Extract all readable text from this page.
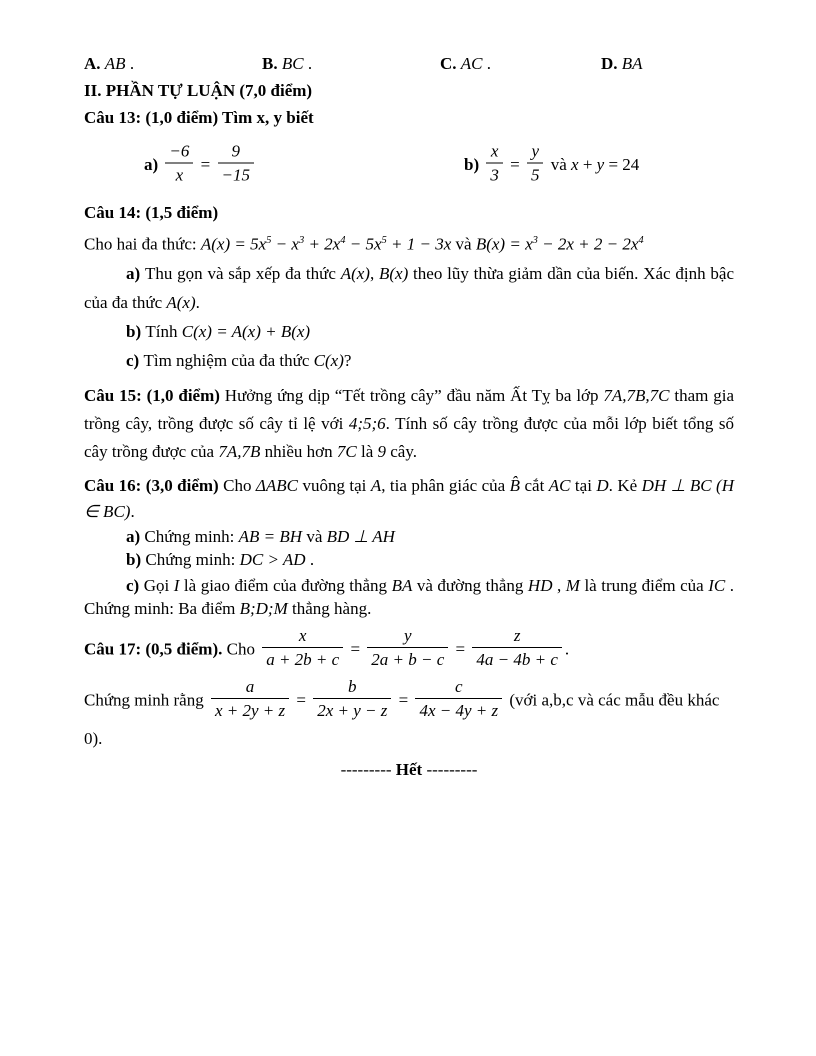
A. AB .	B. BC .	C. AC .	D. BA

II. PHẦN TỰ LUẬN (7,0 điểm)

Câu 13: (1,0 điểm) Tìm x, y biết

$a) \frac{-6}{x} = \frac{9}{-15}$	$b) \frac{x}{3} = \frac{y}{5}$ và x + y = 24

Câu 14: (1,5 điểm)

Cho hai đa thức: $A(x) = 5x^5 - x^3 + 2x^4 - 5x^5 + 1 - 3x$ và $B(x) = x^3 - 2x + 2 - 2x^4$

a) Thu gọn và sắp xếp đa thức A(x), B(x) theo lũy thừa giảm dần của biến. Xác định bậc của đa thức A(x).

b) Tính C(x) = A(x) + B(x)

c) Tìm nghiệm của đa thức C(x)?

Câu 15: (1,0 điểm) Hưởng ứng dịp “Tết trồng cây” đầu năm Ất Tỵ ba lớp 7A,7B,7C tham gia trồng cây, trồng được số cây tỉ lệ với 4;5;6. Tính số cây trồng được của mỗi lớp biết tổng số cây trồng được của 7A,7B nhiều hơn 7C là 9 cây.

Câu 16: (3,0 điểm) Cho ΔABC vuông tại A, tia phân giác của B̂ cắt AC tại D. Kẻ DH ⊥ BC (H ∈ BC).

a) Chứng minh: AB = BH và BD ⊥ AH

b) Chứng minh: DC > AD .

c) Gọi I là giao điểm của đường thẳng BA và đường thẳng HD , M là trung điểm của IC . Chứng minh: Ba điểm B;D;M thẳng hàng.

Câu 17: (0,5 điểm). Cho $\frac{x}{a + 2b + c} = \frac{y}{2a + b - c} = \frac{z}{4a - 4b + c}$ .

Chứng minh rằng $\frac{a}{x + 2y + z} = \frac{b}{2x + y - z} = \frac{c}{4x - 4y + z}$ (với a,b,c và các mẫu đều khác 0).

--------- Hết ---------
